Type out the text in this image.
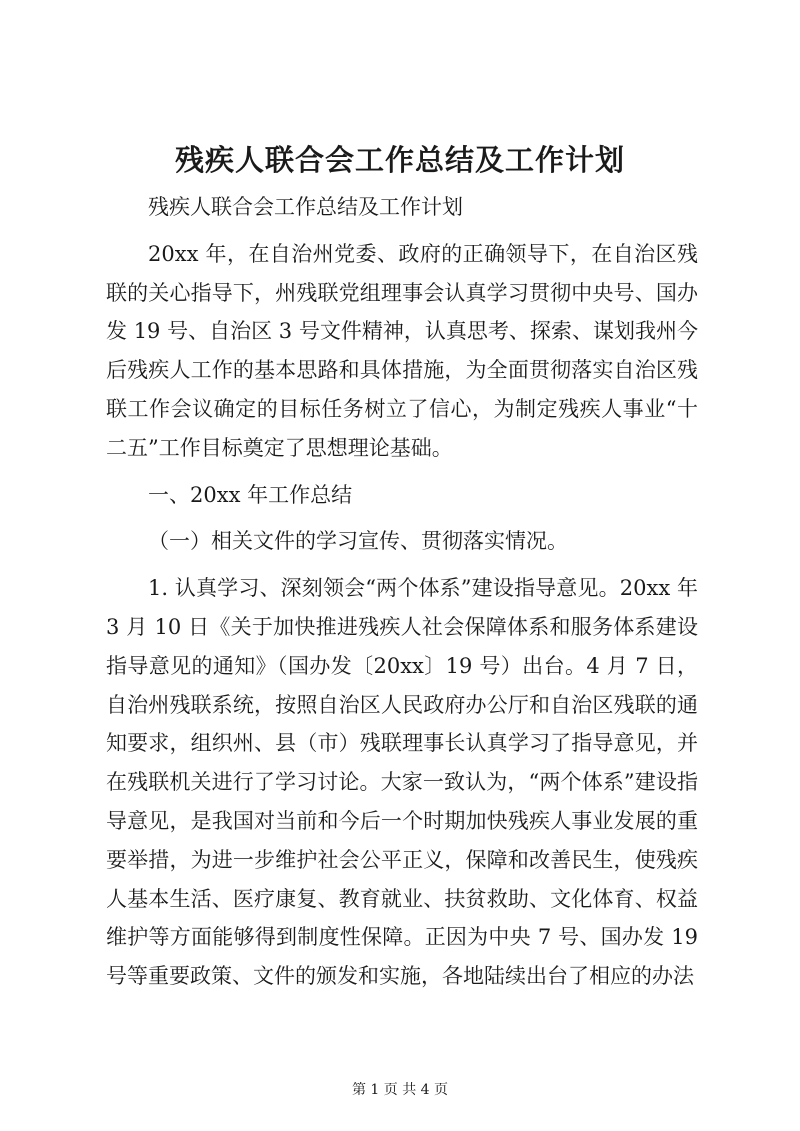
残疾人联合会工作总结及工作计划

残疾人联合会工作总结及工作计划

20xx 年，在自治州党委、政府的正确领导下，在自治区残联的关心指导下，州残联党组理事会认真学习贯彻中央号、国办发 19 号、自治区 3 号文件精神，认真思考、探索、谋划我州今后残疾人工作的基本思路和具体措施，为全面贯彻落实自治区残联工作会议确定的目标任务树立了信心，为制定残疾人事业“十二五”工作目标奠定了思想理论基础。

一、20xx 年工作总结

（一）相关文件的学习宣传、贯彻落实情况。

1. 认真学习、深刻领会“两个体系”建设指导意见。20xx 年 3 月 10 日《关于加快推进残疾人社会保障体系和服务体系建设指导意见的通知》（国办发〔20xx〕19 号）出台。4 月 7 日，自治州残联系统，按照自治区人民政府办公厅和自治区残联的通知要求，组织州、县（市）残联理事长认真学习了指导意见，并在残联机关进行了学习讨论。大家一致认为，“两个体系”建设指导意见，是我国对当前和今后一个时期加快残疾人事业发展的重要举措，为进一步维护社会公平正义，保障和改善民生，使残疾人基本生活、医疗康复、教育就业、扶贫救助、文化体育、权益维护等方面能够得到制度性保障。正因为中央 7 号、国办发 19 号等重要政策、文件的颁发和实施，各地陆续出台了相应的办法

第 1 页 共 4 页
